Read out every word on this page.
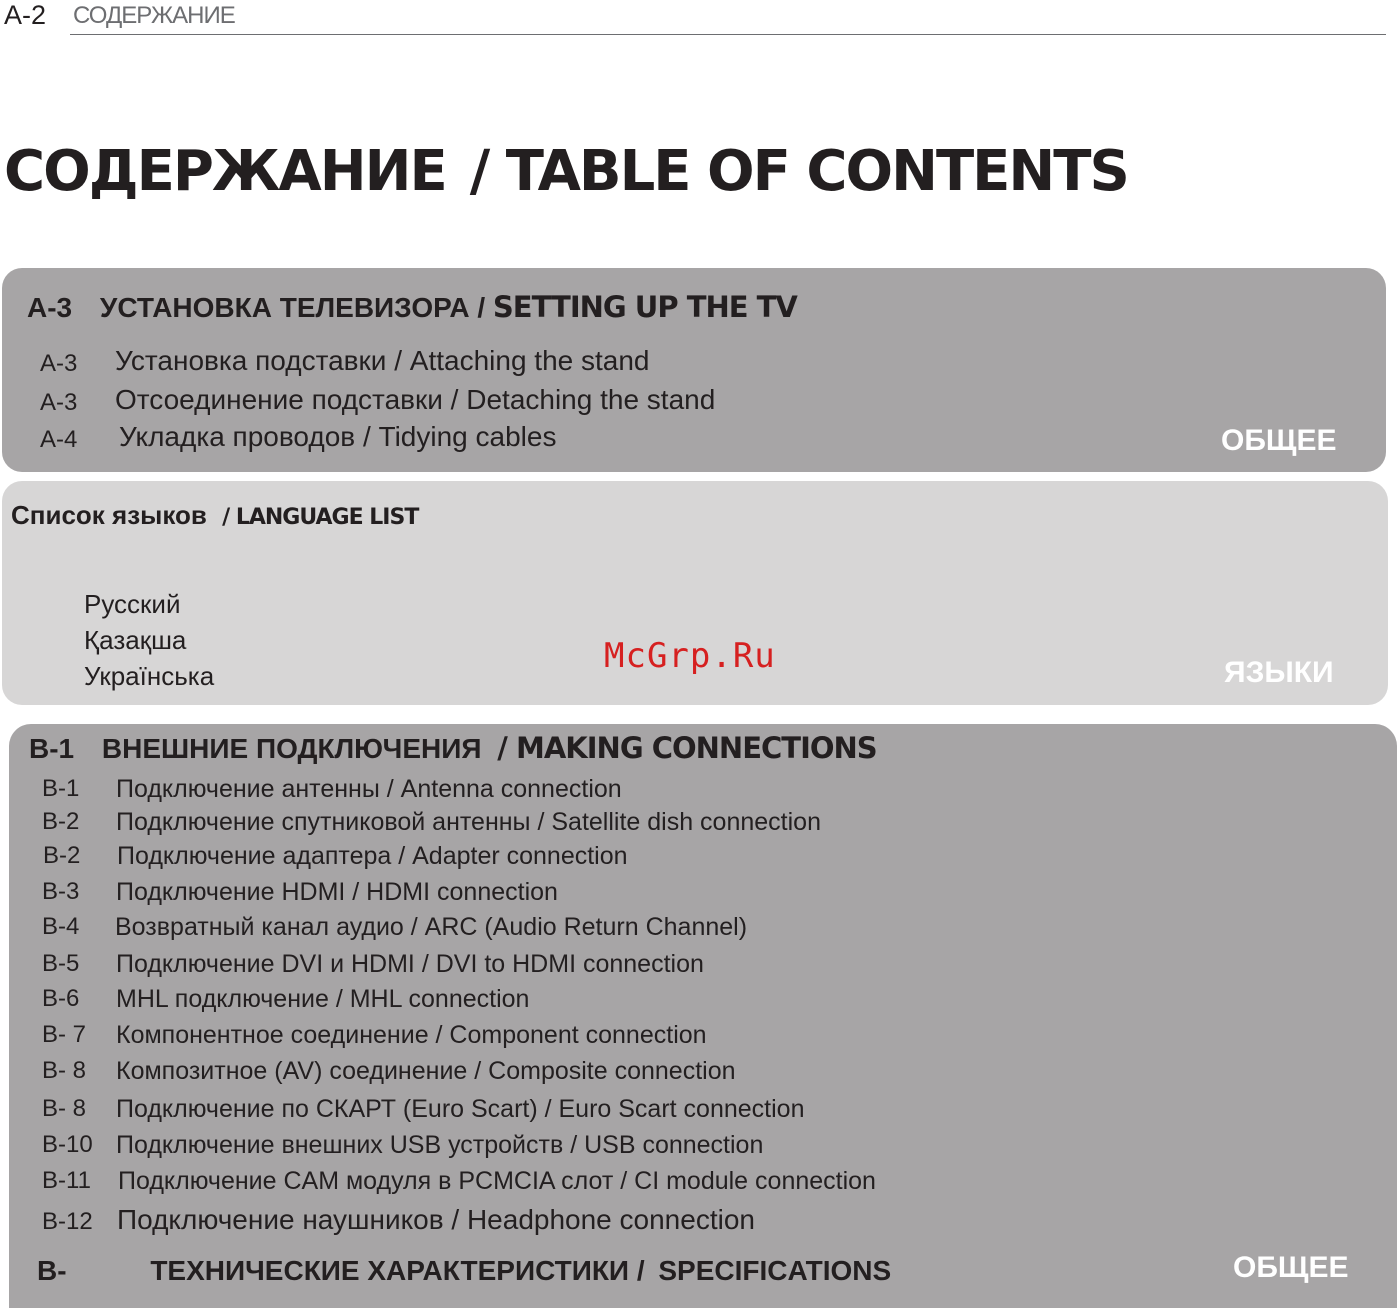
A-2 СОДЕРЖАНИЕ
СОДЕРЖАНИЕ / TABLE OF CONTENTS
A-3 УСТАНОВКА ТЕЛЕВИЗОРА / SETTING UP THE TV
A-3 Установка подставки / Attaching the stand
A-3 Отсоединение подставки / Detaching the stand
A-4 Укладка проводов / Tidying cables	ОБЩЕЕ
Список языков / LANGUAGE LIST
Русский
Қазақша
Українська	ЯЗЫКИ
McGrp.Ru
B-1 ВНЕШНИЕ ПОДКЛЮЧЕНИЯ / MAKING CONNECTIONS
B-1 Подключение антенны / Antenna connection
B-2 Подключение спутниковой антенны / Satellite dish connection
B-2 Подключение адаптера / Adapter connection
B-3 Подключение HDMI / HDMI connection
B-4 Возвратный канал аудио / ARC (Audio Return Channel)
B-5 Подключение DVI и HDMI / DVI to HDMI connection
B-6 MHL подключение / MHL connection
B- 7 Компонентное соединение / Component connection
B- 8 Композитное (AV) соединение / Composite connection
B- 8 Подключение по СКАРТ (Euro Scart) / Euro Scart connection
B-10 Подключение внешних USB устройств / USB connection
B-11 Подключение CAM модуля в PCMCIA слот / CI module connection
B-12 Подключение наушников / Headphone connection
B-	ТЕХНИЧЕСКИЕ ХАРАКТЕРИСТИКИ / SPECIFICATIONS	ОБЩЕЕ
